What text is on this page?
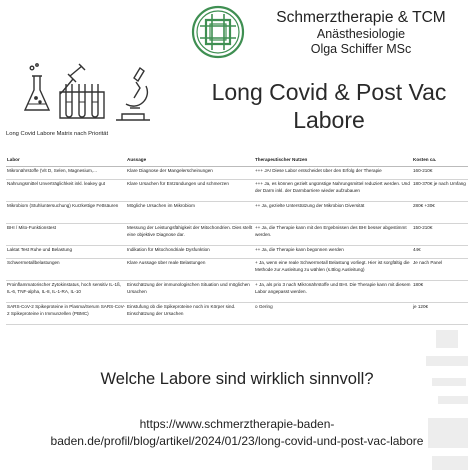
Schmerztherapie & TCM
Anästhesiologie
Olga Schiffer MSc
Long Covid & Post Vac
Labore
Long Covid Labore Matrix nach Priorität
Labor	Aussage	Therapeutischer Nutzen	Kosten ca.
Mikronährstoffe (Vit D, Selen, Magnesium,...	Klare Diagnose der Mangelerscheinungen	+++ JA! Diese Labor entscheidet über den Erfolg der Therapie	160-210€
Nahrungsmittel Unverträglichkeit inkl. leakey gut	Klare Ursachen für Entzündungen und schmerzen	+++ Ja, es können gezielt ungünstige Nahrungsmittel reduziert werden. Und der Darm inkl. der Darmbarriere wieder aufzubauen	180-370€ je nach Umfang
Mikrobiom (Stuhluntersuchung) Kurzkettige Fettsäuren	Mögliche Ursachen im Mikrobiom	++ Ja, gezielte Unterstützung der Mikrobion Diversität	280€ +30€
BHI / Mito-Funktionstest	Messung der Leistungsfähigkeit der Mitochondrien. Dies stellt eine objektive Diagnose dar.	++ Ja, die Therapie kann mit den Ergebnissen des BHI besser abgestimmt werden.	150-210€
Laktat Test Ruhe und Belastung	Indikation für Mitochondriale Dysfunktion	++ Ja, die Therapie kann begonnen werden	44€
Schwermetallbelastungen	Klare Aussage über reale Belastungen	+ Ja, wenn eine reale Schwermetall Belastung vorliegt. Hier ist sorgfältig die Methode zur Ausleitung zu wählen (s.Blog Ausleitung)	Je nach Panel
Proinflammatorischer Zytokinstatus, hoch sensitiv IL-1ß, IL-6, TNF-alpha, IL-8, IL-1-RA, IL-10	Einschätzung der immunologischen Situation und möglichen Ursachen	+ Ja, als prio 3 nach Mikronährstoffe und BHI. Die Therapie kann mit diesem Labor angepasst werden.	180€
SARS-CoV-2 Spikeproteine in Plasma/Serum SARS-CoV-2 Spikeproteine in Immunzellen (PBMC)	Einstufung ob die Spikeproteine noch im Körper sind. Einschätzung der Ursachen	o Gering	je 120€
Welche Labore sind wirklich sinnvoll?
https://www.schmerztherapie-baden-
baden.de/profil/blog/artikel/2024/01/23/long-covid-und-post-vac-labore
